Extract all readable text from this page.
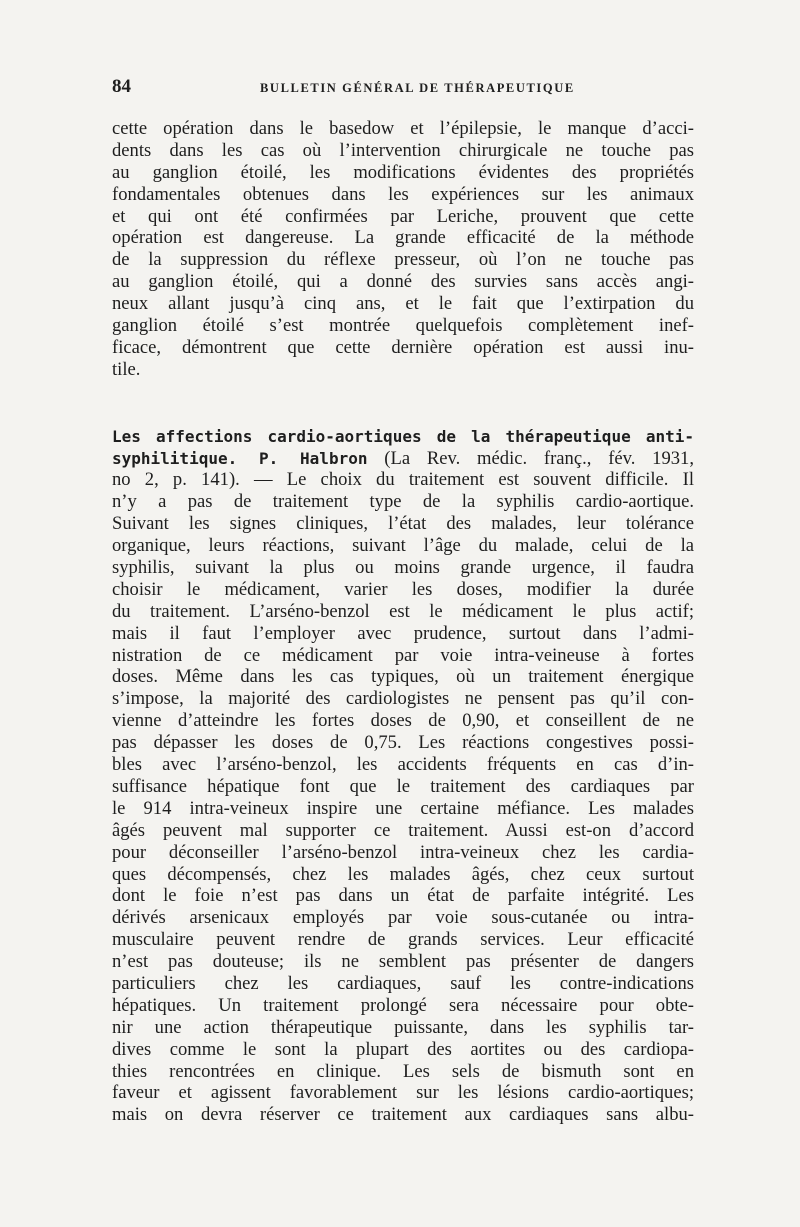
84	BULLETIN GÉNÉRAL DE THÉRAPEUTIQUE
cette opération dans le basedow et l’épilepsie, le manque d’acci-
dents dans les cas où l’intervention chirurgicale ne touche pas
au ganglion étoilé, les modifications évidentes des propriétés
fondamentales obtenues dans les expériences sur les animaux
et qui ont été confirmées par Leriche, prouvent que cette
opération est dangereuse. La grande efficacité de la méthode
de la suppression du réflexe presseur, où l’on ne touche pas
au ganglion étoilé, qui a donné des survies sans accès angi-
neux allant jusqu’à cinq ans, et le fait que l’extirpation du
ganglion étoilé s’est montrée quelquefois complètement inef-
ficace, démontrent que cette dernière opération est aussi inu-
tile.
Les affections cardio-aortiques de la thérapeutique anti-
syphilitique. P. Halbron (La Rev. médic. franç., fév. 1931,
no 2, p. 141). — Le choix du traitement est souvent difficile. Il
n’y a pas de traitement type de la syphilis cardio-aortique.
Suivant les signes cliniques, l’état des malades, leur tolérance
organique, leurs réactions, suivant l’âge du malade, celui de la
syphilis, suivant la plus ou moins grande urgence, il faudra
choisir le médicament, varier les doses, modifier la durée
du traitement. L’arséno-benzol est le médicament le plus actif;
mais il faut l’employer avec prudence, surtout dans l’admi-
nistration de ce médicament par voie intra-veineuse à fortes
doses. Même dans les cas typiques, où un traitement énergique
s’impose, la majorité des cardiologistes ne pensent pas qu’il con-
vienne d’atteindre les fortes doses de 0,90, et conseillent de ne
pas dépasser les doses de 0,75. Les réactions congestives possi-
bles avec l’arséno-benzol, les accidents fréquents en cas d’in-
suffisance hépatique font que le traitement des cardiaques par
le 914 intra-veineux inspire une certaine méfiance. Les malades
âgés peuvent mal supporter ce traitement. Aussi est-on d’accord
pour déconseiller l’arséno-benzol intra-veineux chez les cardia-
ques décompensés, chez les malades âgés, chez ceux surtout
dont le foie n’est pas dans un état de parfaite intégrité. Les
dérivés arsenicaux employés par voie sous-cutanée ou intra-
musculaire peuvent rendre de grands services. Leur efficacité
n’est pas douteuse; ils ne semblent pas présenter de dangers
particuliers chez les cardiaques, sauf les contre-indications
hépatiques. Un traitement prolongé sera nécessaire pour obte-
nir une action thérapeutique puissante, dans les syphilis tar-
dives comme le sont la plupart des aortites ou des cardiopa-
thies rencontrées en clinique. Les sels de bismuth sont en
faveur et agissent favorablement sur les lésions cardio-aortiques;
mais on devra réserver ce traitement aux cardiaques sans albu-
